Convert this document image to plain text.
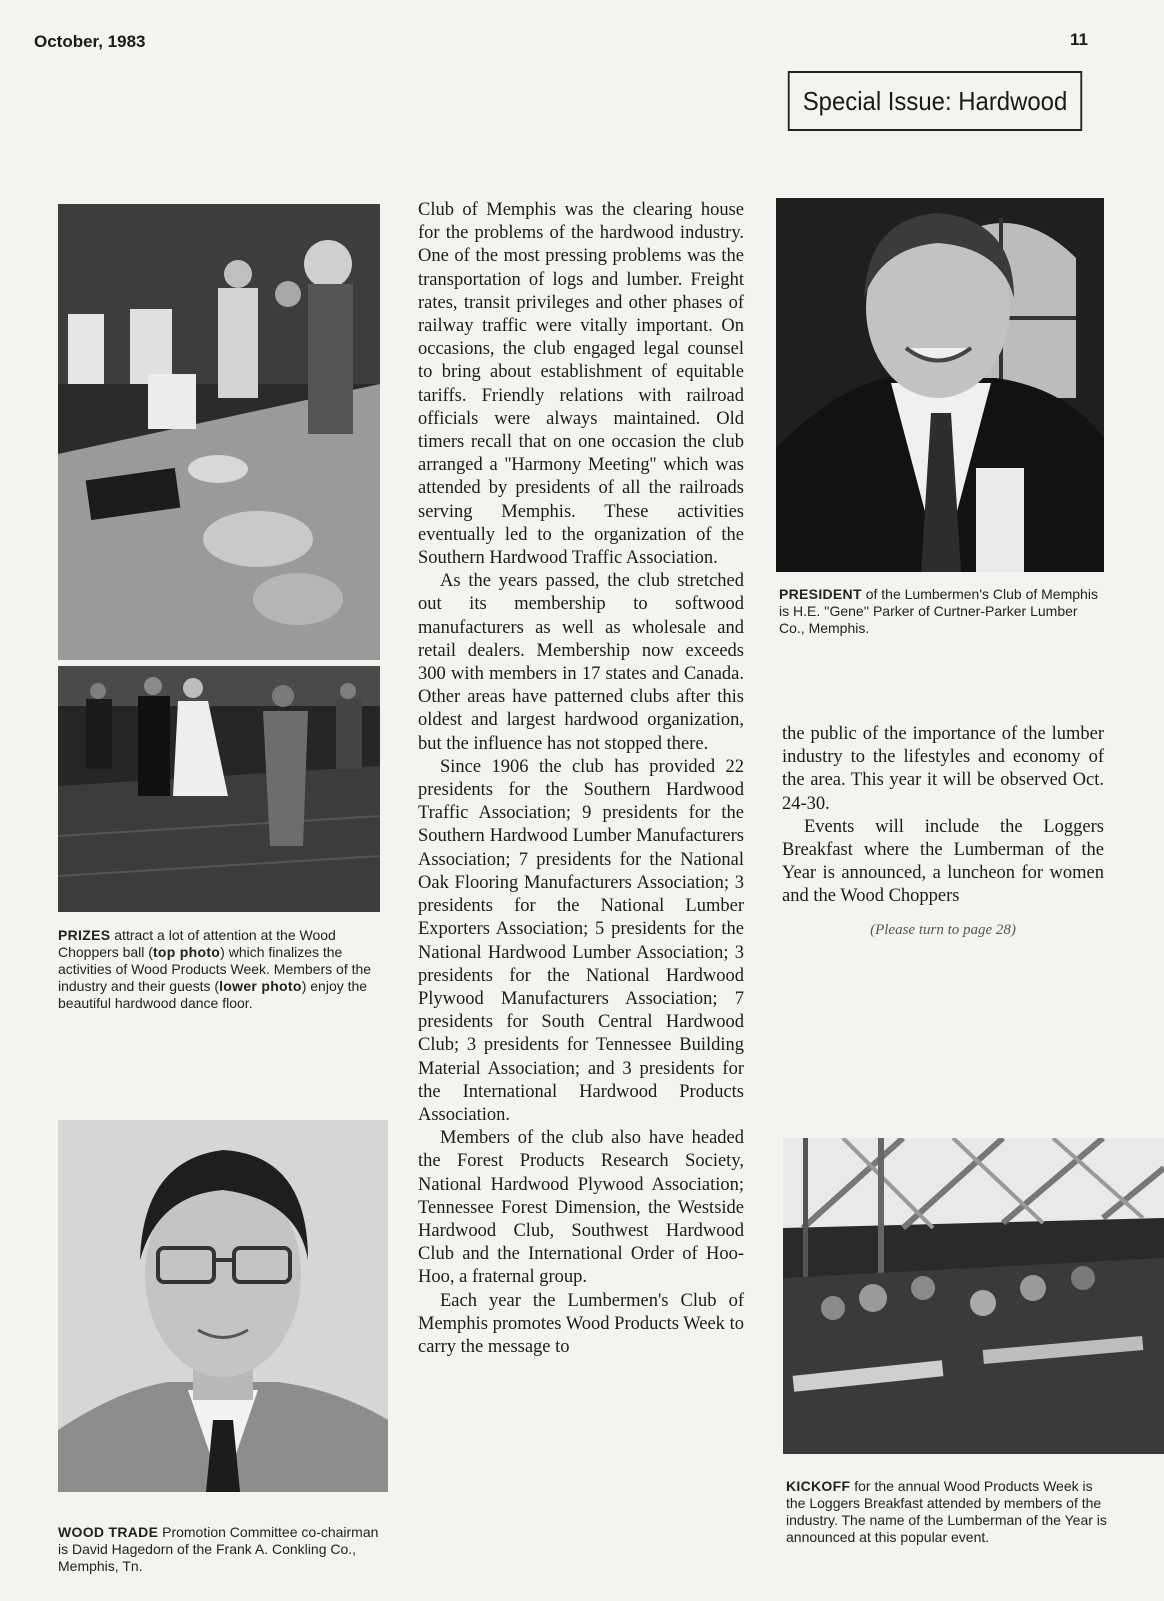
October, 1983	11
Special Issue: Hardwood
PRIZES attract a lot of attention at the Wood Choppers ball (top photo) which finalizes the activities of Wood Products Week. Members of the industry and their guests (lower photo) enjoy the beautiful hardwood dance floor.
WOOD TRADE Promotion Committee co-chairman is David Hagedorn of the Frank A. Conkling Co., Memphis, Tn.

Club of Memphis was the clearing house for the problems of the hardwood industry. One of the most pressing problems was the transportation of logs and lumber. Freight rates, transit privileges and other phases of railway traffic were vitally important. On occasions, the club engaged legal counsel to bring about establishment of equitable tariffs. Friendly relations with railroad officials were always maintained. Old timers recall that on one occasion the club arranged a ''Harmony Meeting'' which was attended by presidents of all the railroads serving Memphis. These activities eventually led to the organization of the Southern Hardwood Traffic Association.

As the years passed, the club stretched out its membership to softwood manufacturers as well as wholesale and retail dealers. Membership now exceeds 300 with members in 17 states and Canada. Other areas have patterned clubs after this oldest and largest hardwood organization, but the influence has not stopped there.

Since 1906 the club has provided 22 presidents for the Southern Hardwood Traffic Association; 9 presidents for the Southern Hardwood Lumber Manufacturers Association; 7 presidents for the National Oak Flooring Manufacturers Association; 3 presidents for the National Lumber Exporters Association; 5 presidents for the National Hardwood Lumber Association; 3 presidents for the National Hardwood Plywood Manufacturers Association; 7 presidents for South Central Hardwood Club; 3 presidents for Tennessee Building Material Association; and 3 presidents for the International Hardwood Products Association.

Members of the club also have headed the Forest Products Research Society, National Hardwood Plywood Association; Tennessee Forest Dimension, the Westside Hardwood Club, Southwest Hardwood Club and the International Order of Hoo-Hoo, a fraternal group.

Each year the Lumbermen's Club of Memphis promotes Wood Products Week to carry the message to

PRESIDENT of the Lumbermen's Club of Memphis is H.E. ''Gene'' Parker of Curtner-Parker Lumber Co., Memphis.

the public of the importance of the lumber industry to the lifestyles and economy of the area. This year it will be observed Oct. 24-30.

Events will include the Loggers Breakfast where the Lumberman of the Year is announced, a luncheon for women and the Wood Choppers

(Please turn to page 28)
KICKOFF for the annual Wood Products Week is the Loggers Breakfast attended by members of the industry. The name of the Lumberman of the Year is announced at this popular event.
